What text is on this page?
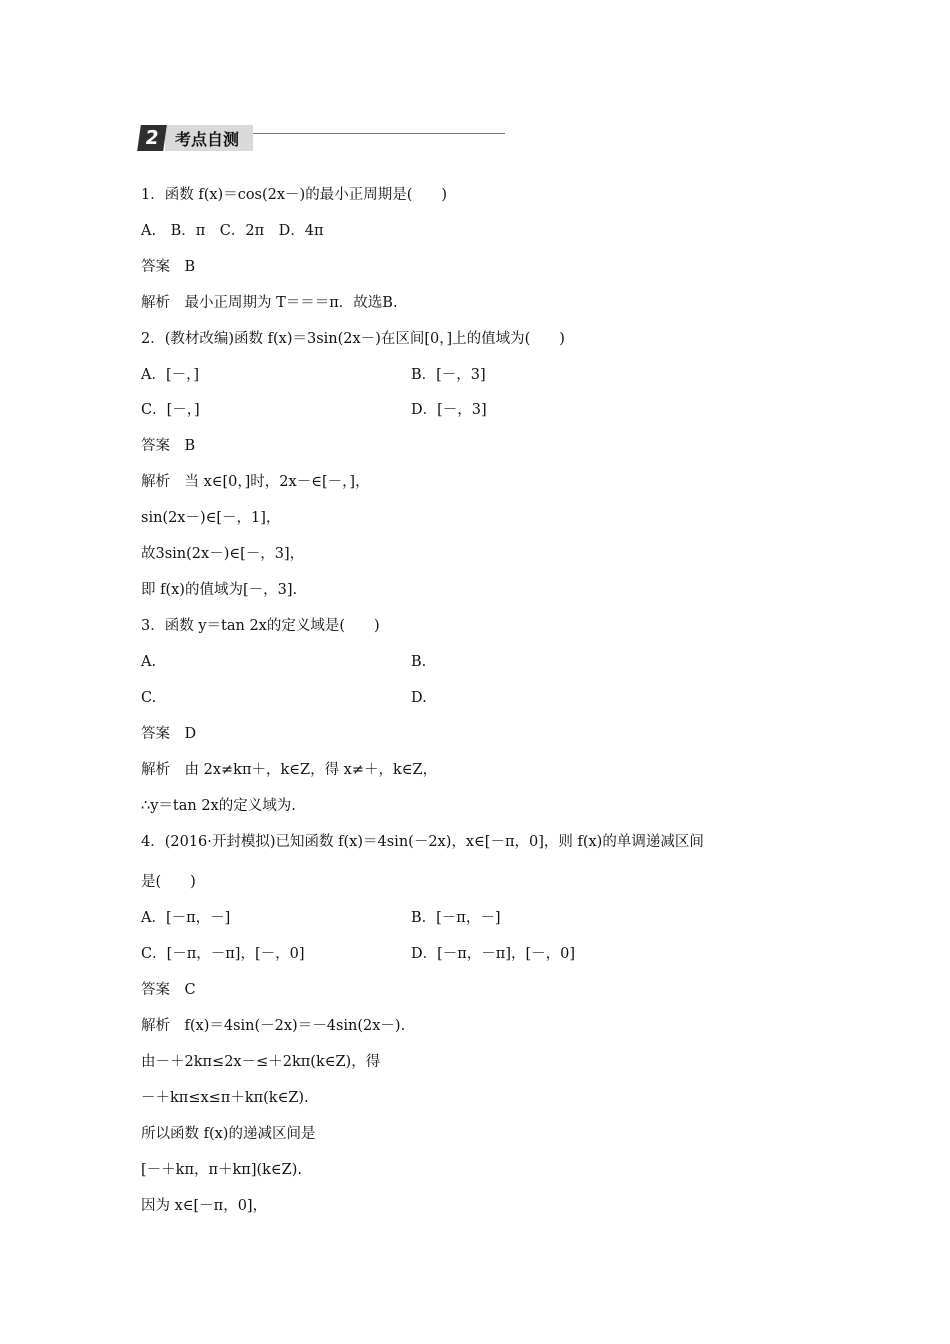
2 考点自测
1．函数 f(x)＝cos(2x－)的最小正周期是(　　)
A.　B．π　C．2π　D．4π
答案　B
解析　最小正周期为 T＝＝＝π．故选B.
2．(教材改编)函数 f(x)＝3sin(2x－)在区间[0，]上的值域为(　　)
A．[－，]	B．[－，3]
C．[－，]	D．[－，3]
答案　B
解析　当 x∈[0，]时，2x－∈[－，]，
sin(2x－)∈[－，1]，
故3sin(2x－)∈[－，3]，
即 f(x)的值域为[－，3].
3．函数 y＝tan 2x的定义域是(　　)
A.	B.
C.	D.
答案　D
解析　由 2x≠kπ＋，k∈Z，得 x≠＋，k∈Z，
∴y＝tan 2x的定义域为.
4．(2016·开封模拟)已知函数 f(x)＝4sin(－2x)，x∈[－π，0]，则 f(x)的单调递减区间
是(　　)
A．[－π，－]	B．[－π，－]
C．[－π，－π]，[－，0]	D．[－π，－π]，[－，0]
答案　C
解析　f(x)＝4sin(－2x)＝－4sin(2x－).
由－＋2kπ≤2x－≤＋2kπ(k∈Z)，得
－＋kπ≤x≤π＋kπ(k∈Z).
所以函数 f(x)的递减区间是
[－＋kπ，π＋kπ](k∈Z).
因为 x∈[－π，0]，
